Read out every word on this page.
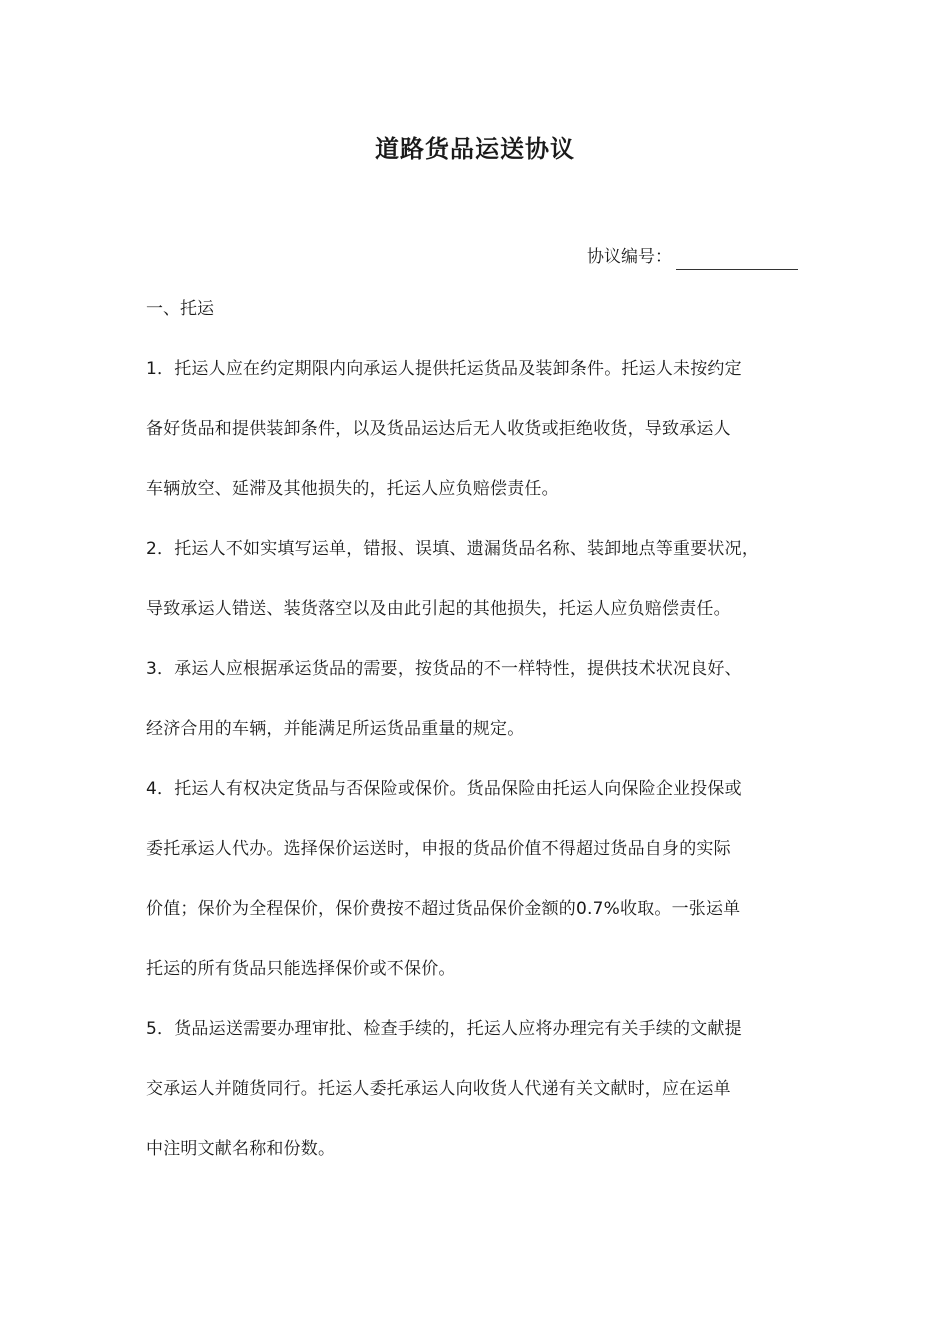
道路货品运送协议
协议编号：
一、托运
1．托运人应在约定期限内向承运人提供托运货品及装卸条件。托运人未按约定
备好货品和提供装卸条件，以及货品运达后无人收货或拒绝收货，导致承运人
车辆放空、延滞及其他损失的，托运人应负赔偿责任。
2．托运人不如实填写运单，错报、误填、遗漏货品名称、装卸地点等重要状况，
导致承运人错送、装货落空以及由此引起的其他损失，托运人应负赔偿责任。
3．承运人应根据承运货品的需要，按货品的不一样特性，提供技术状况良好、
经济合用的车辆，并能满足所运货品重量的规定。
4．托运人有权决定货品与否保险或保价。货品保险由托运人向保险企业投保或
委托承运人代办。选择保价运送时，申报的货品价值不得超过货品自身的实际
价值；保价为全程保价，保价费按不超过货品保价金额的0.7%收取。一张运单
托运的所有货品只能选择保价或不保价。
5．货品运送需要办理审批、检查手续的，托运人应将办理完有关手续的文献提
交承运人并随货同行。托运人委托承运人向收货人代递有关文献时，应在运单
中注明文献名称和份数。
